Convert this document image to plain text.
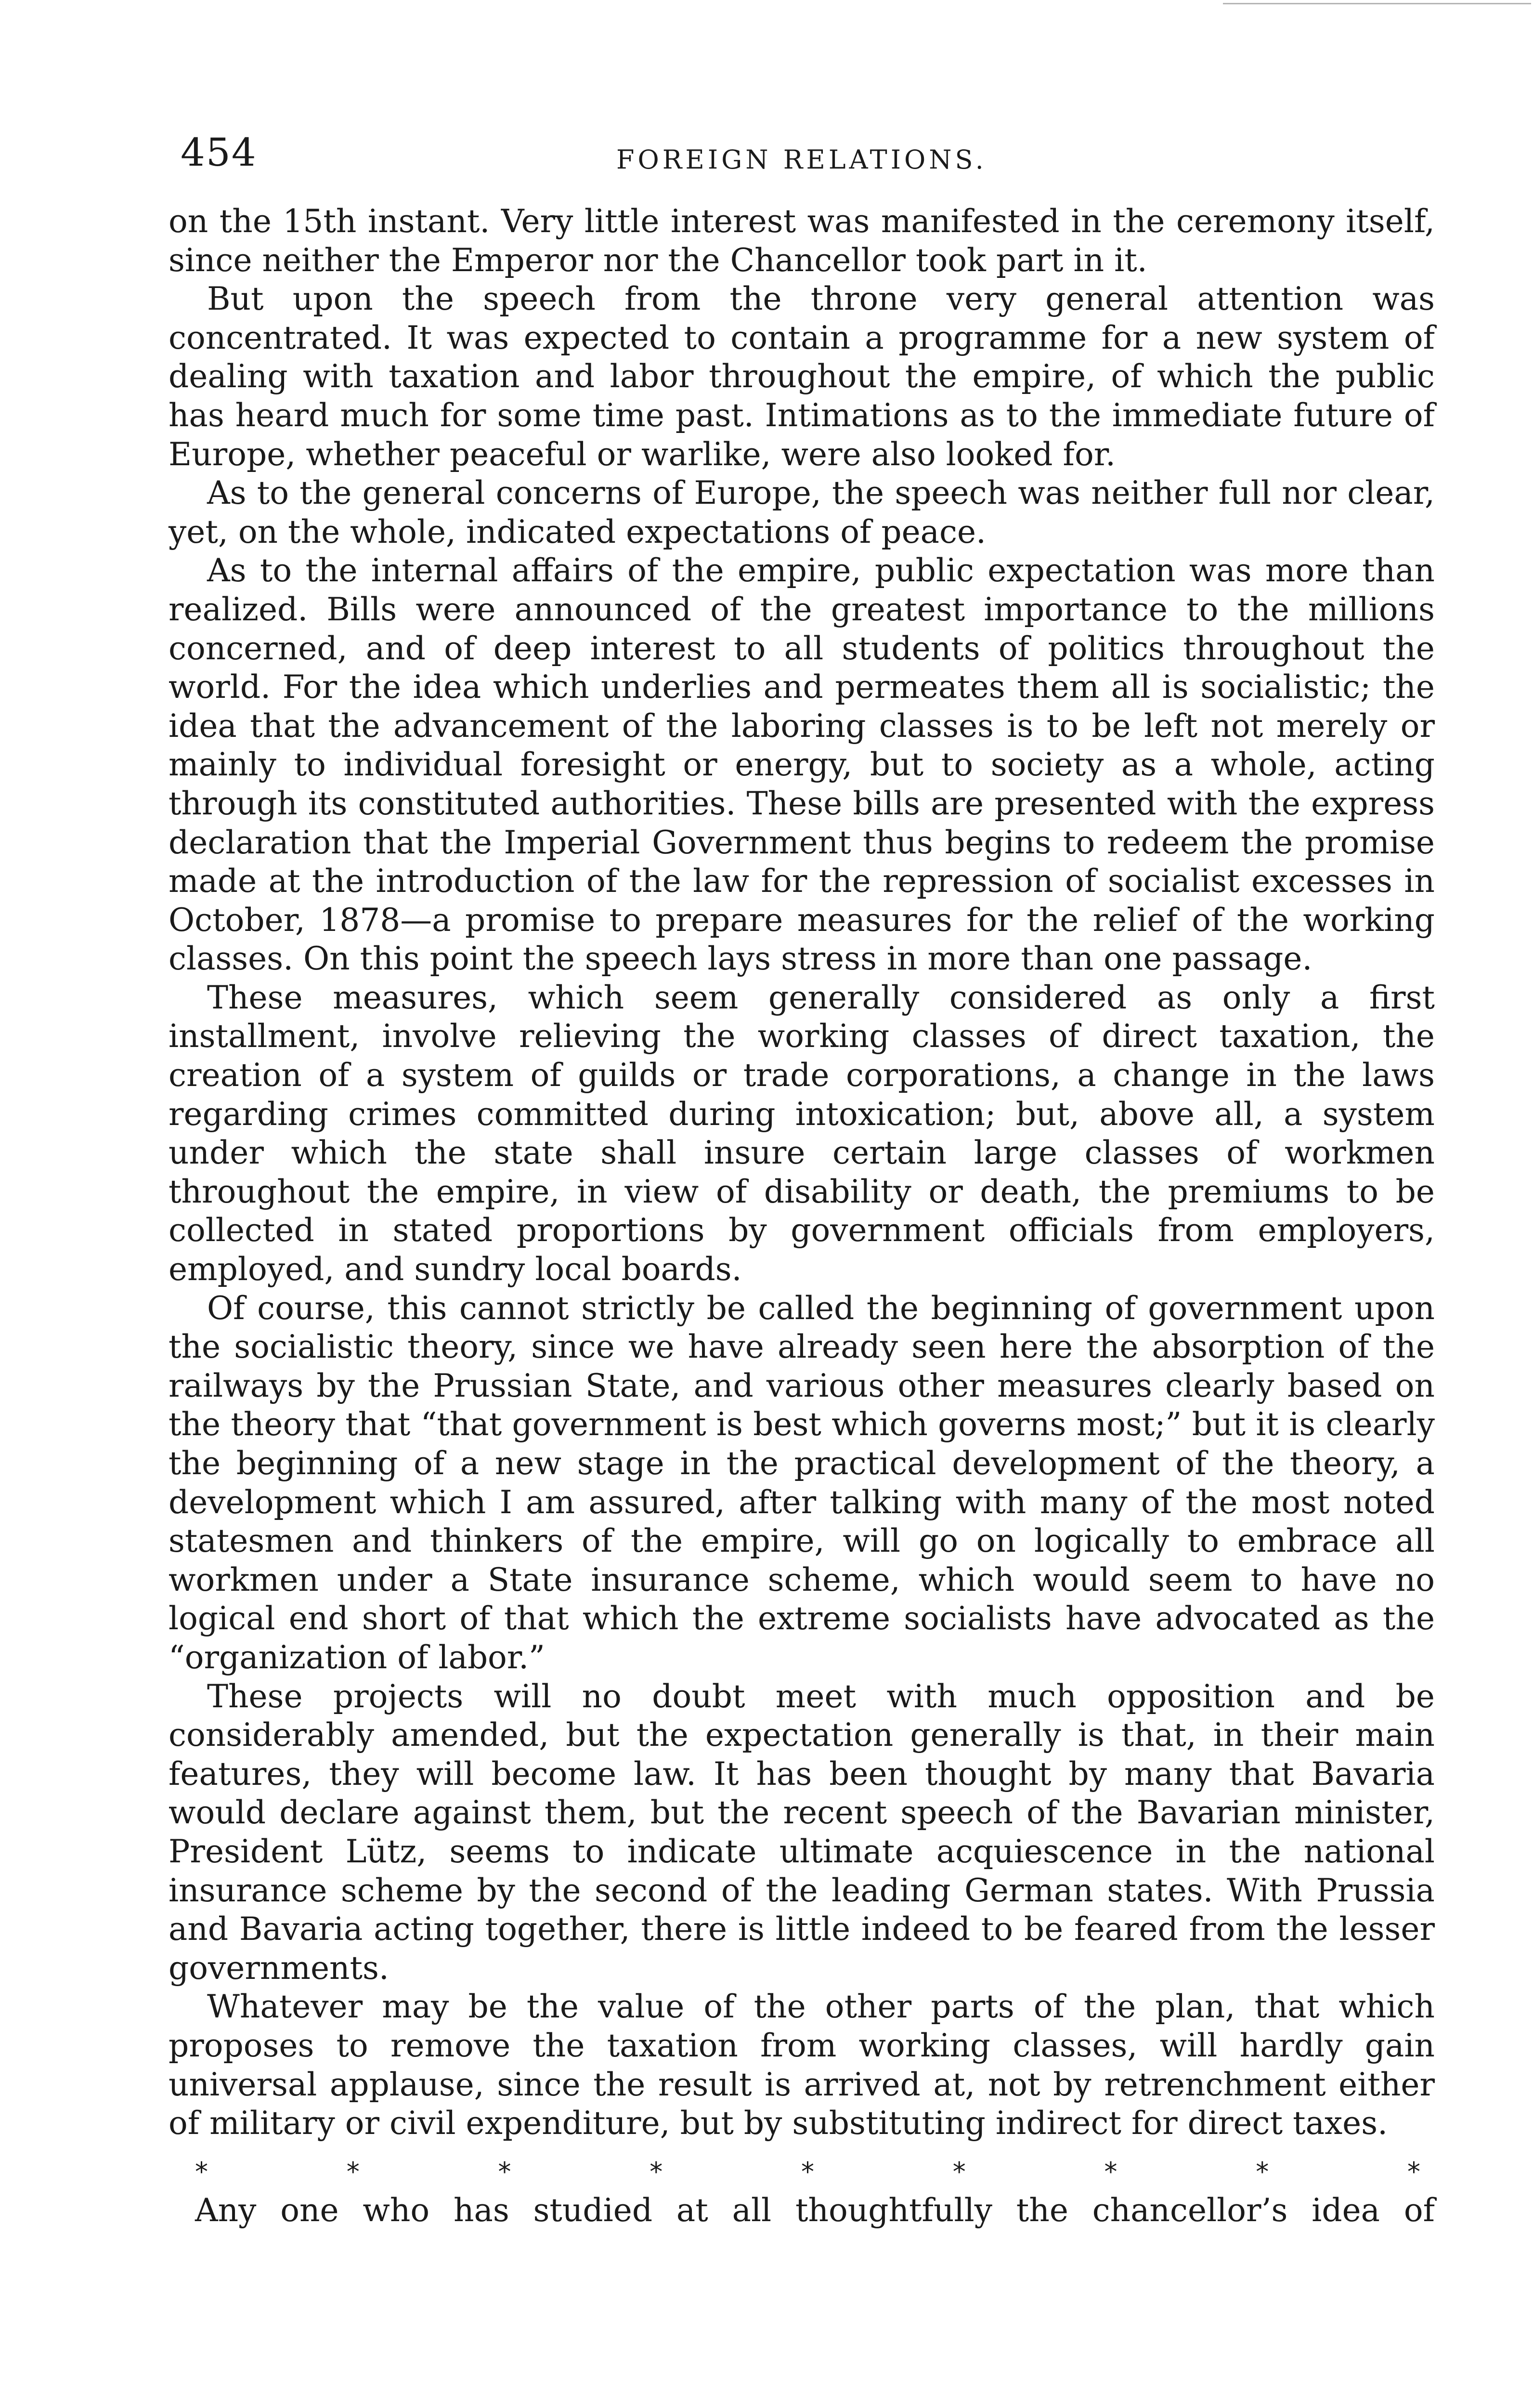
454	FOREIGN RELATIONS.

on the 15th instant. Very little interest was manifested in the ceremony itself, since neither the Emperor nor the Chancellor took part in it.

But upon the speech from the throne very general attention was concentrated. It was expected to contain a programme for a new system of dealing with taxation and labor throughout the empire, of which the public has heard much for some time past. Intimations as to the immediate future of Europe, whether peaceful or warlike, were also looked for.

As to the general concerns of Europe, the speech was neither full nor clear, yet, on the whole, indicated expectations of peace.

As to the internal affairs of the empire, public expectation was more than realized. Bills were announced of the greatest importance to the millions concerned, and of deep interest to all students of politics throughout the world. For the idea which underlies and permeates them all is socialistic; the idea that the advancement of the laboring classes is to be left not merely or mainly to individual foresight or energy, but to society as a whole, acting through its constituted authorities. These bills are presented with the express declaration that the Imperial Government thus begins to redeem the promise made at the introduction of the law for the repression of socialist excesses in October, 1878—a promise to prepare measures for the relief of the working classes. On this point the speech lays stress in more than one passage.

These measures, which seem generally considered as only a first installment, involve relieving the working classes of direct taxation, the creation of a system of guilds or trade corporations, a change in the laws regarding crimes committed during intoxication; but, above all, a system under which the state shall insure certain large classes of workmen throughout the empire, in view of disability or death, the premiums to be collected in stated proportions by government officials from employers, employed, and sundry local boards.

Of course, this cannot strictly be called the beginning of government upon the socialistic theory, since we have already seen here the absorption of the railways by the Prussian State, and various other measures clearly based on the theory that “that government is best which governs most;” but it is clearly the beginning of a new stage in the practical development of the theory, a development which I am assured, after talking with many of the most noted statesmen and thinkers of the empire, will go on logically to embrace all workmen under a State insurance scheme, which would seem to have no logical end short of that which the extreme socialists have advocated as the “organization of labor.”

These projects will no doubt meet with much opposition and be considerably amended, but the expectation generally is that, in their main features, they will become law. It has been thought by many that Bavaria would declare against them, but the recent speech of the Bavarian minister, President Lütz, seems to indicate ultimate acquiescence in the national insurance scheme by the second of the leading German states. With Prussia and Bavaria acting together, there is little indeed to be feared from the lesser governments.

Whatever may be the value of the other parts of the plan, that which proposes to remove the taxation from working classes, will hardly gain universal applause, since the result is arrived at, not by retrenchment either of military or civil expenditure, but by substituting indirect for direct taxes.

*	*	*	*	*	*	*	*	*

Any one who has studied at all thoughtfully the chancellor’s idea of
